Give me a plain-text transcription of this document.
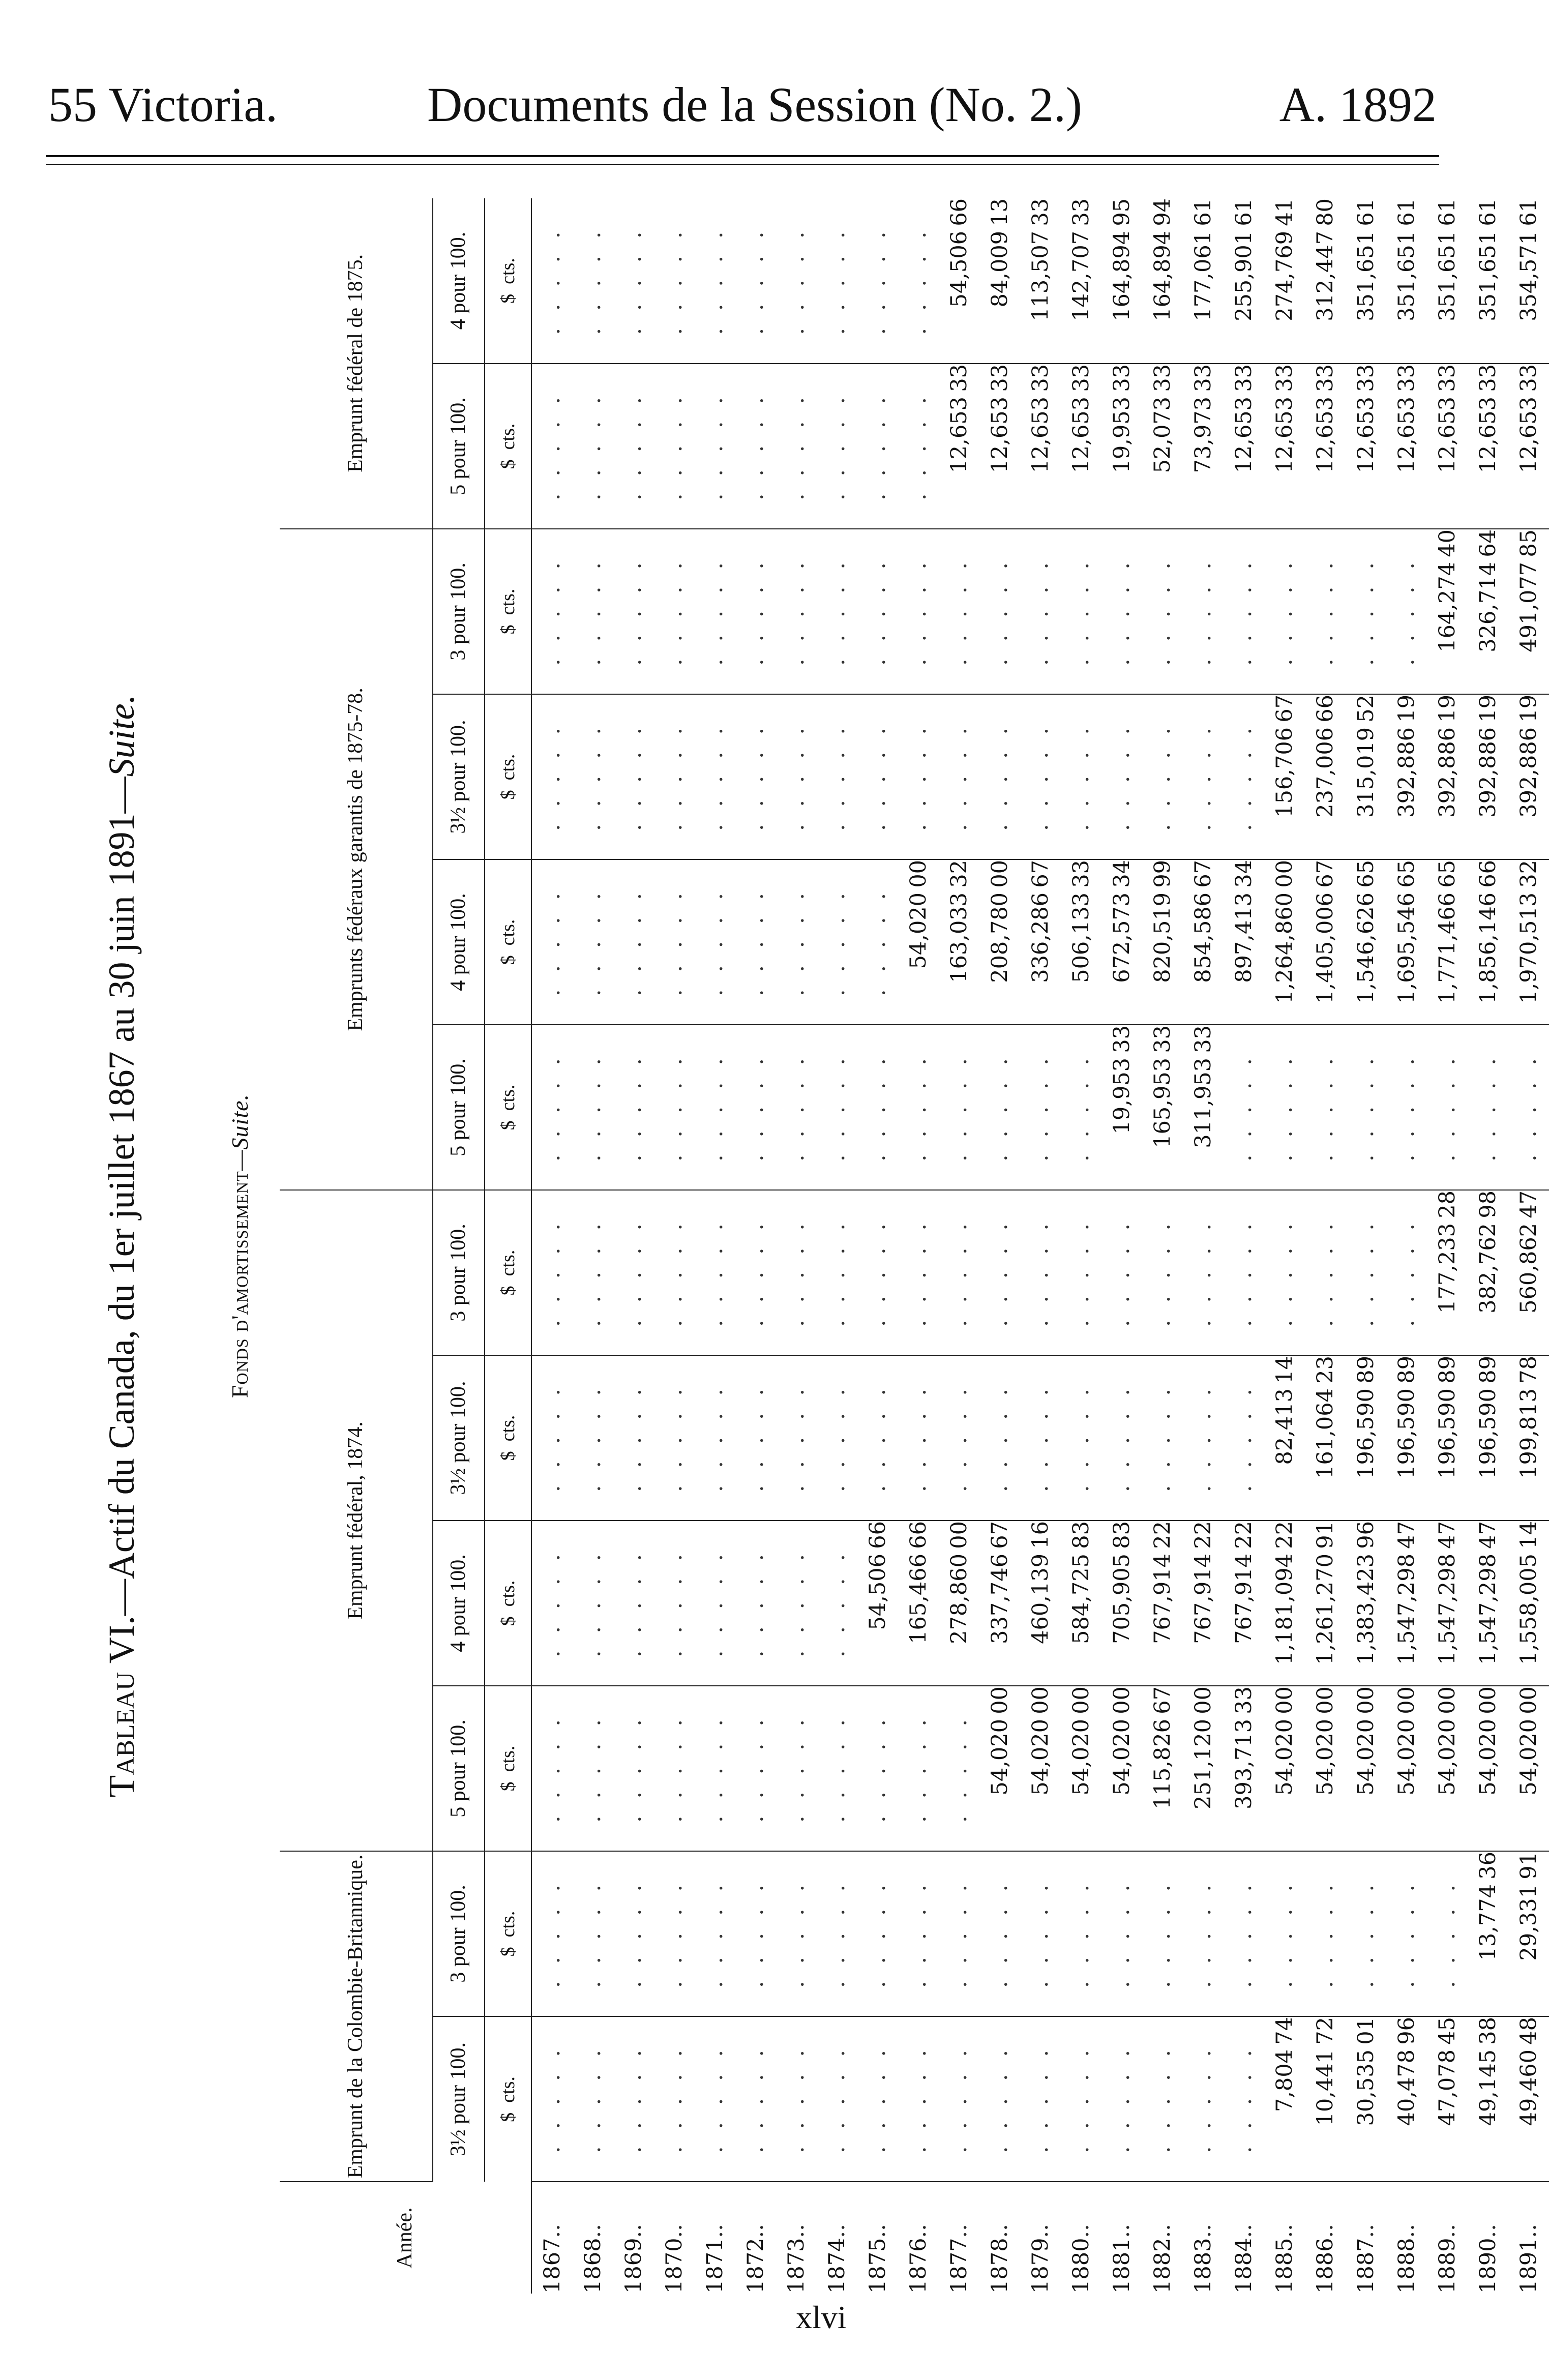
55 Victoria.	Documents de la Session (No. 2.)	A. 1892
Tableau VI.—Actif du Canada, du 1er juillet 1867 au 30 juin 1891—Suite.
Fonds d'amortissement—Suite.
Année.	Emprunt de la Colombie-Britannique.		Emprunt fédéral, 1874.				Emprunts fédéraux garantis de 1875-78.				Emprunt fédéral de 1875.	
	3½ pour 100.	3 pour 100.	5 pour 100.	4 pour 100.	3½ pour 100.	3 pour 100.	5 pour 100.	4 pour 100.	3½ pour 100.	3 pour 100.	5 pour 100.	4 pour 100.
	$  cts.	$  cts.	$  cts.	$  cts.	$  cts.	$  cts.	$  cts.	$  cts.	$  cts.	$  cts.	$  cts.	$  cts.
1867..	. . . . .	. . . . .	. . . . .	. . . . .	. . . . .	. . . . .	. . . . .	. . . . .	. . . . .	. . . . .	. . . . .	. . . . .
1868..	. . . . .	. . . . .	. . . . .	. . . . .	. . . . .	. . . . .	. . . . .	. . . . .	. . . . .	. . . . .	. . . . .	. . . . .
1869..	. . . . .	. . . . .	. . . . .	. . . . .	. . . . .	. . . . .	. . . . .	. . . . .	. . . . .	. . . . .	. . . . .	. . . . .
1870..	. . . . .	. . . . .	. . . . .	. . . . .	. . . . .	. . . . .	. . . . .	. . . . .	. . . . .	. . . . .	. . . . .	. . . . .
1871..	. . . . .	. . . . .	. . . . .	. . . . .	. . . . .	. . . . .	. . . . .	. . . . .	. . . . .	. . . . .	. . . . .	. . . . .
1872..	. . . . .	. . . . .	. . . . .	. . . . .	. . . . .	. . . . .	. . . . .	. . . . .	. . . . .	. . . . .	. . . . .	. . . . .
1873..	. . . . .	. . . . .	. . . . .	. . . . .	. . . . .	. . . . .	. . . . .	. . . . .	. . . . .	. . . . .	. . . . .	. . . . .
1874..	. . . . .	. . . . .	. . . . .	. . . . .	. . . . .	. . . . .	. . . . .	. . . . .	. . . . .	. . . . .	. . . . .	. . . . .
1875..	. . . . .	. . . . .	. . . . .	54,50666	. . . . .	. . . . .	. . . . .	. . . . .	. . . . .	. . . . .	. . . . .	. . . . .
1876..	. . . . .	. . . . .	. . . . .	165,46666	. . . . .	. . . . .	. . . . .	54,02000	. . . . .	. . . . .	. . . . .	. . . . .
1877..	. . . . .	. . . . .	. . . . .	278,86000	. . . . .	. . . . .	. . . . .	163,03332	. . . . .	. . . . .	12,65333	54,50666
1878..	. . . . .	. . . . .	54,02000	337,74667	. . . . .	. . . . .	. . . . .	208,78000	. . . . .	. . . . .	12,65333	84,00913
1879..	. . . . .	. . . . .	54,02000	460,13916	. . . . .	. . . . .	. . . . .	336,28667	. . . . .	. . . . .	12,65333	113,50733
1880..	. . . . .	. . . . .	54,02000	584,72583	. . . . .	. . . . .	. . . . .	506,13333	. . . . .	. . . . .	12,65333	142,70733
1881..	. . . . .	. . . . .	54,02000	705,90583	. . . . .	. . . . .	19,95333	672,57334	. . . . .	. . . . .	19,95333	164,89495
1882..	. . . . .	. . . . .	115,82667	767,91422	. . . . .	. . . . .	165,95333	820,51999	. . . . .	. . . . .	52,07333	164,89494
1883..	. . . . .	. . . . .	251,12000	767,91422	. . . . .	. . . . .	311,95333	854,58667	. . . . .	. . . . .	73,97333	177,06161
1884..	. . . . .	. . . . .	393,71333	767,91422	. . . . .	. . . . .	. . . . .	897,41334	. . . . .	. . . . .	12,65333	255,90161
1885..	7,80474	. . . . .	54,02000	1,181,09422	82,41314	. . . . .	. . . . .	1,264,86000	156,70667	. . . . .	12,65333	274,76941
1886..	10,44172	. . . . .	54,02000	1,261,27091	161,06423	. . . . .	. . . . .	1,405,00667	237,00666	. . . . .	12,65333	312,44780
1887..	30,53501	. . . . .	54,02000	1,383,42396	196,59089	. . . . .	. . . . .	1,546,62665	315,01952	. . . . .	12,65333	351,65161
1888..	40,47896	. . . . .	54,02000	1,547,29847	196,59089	. . . . .	. . . . .	1,695,54665	392,88619	. . . . .	12,65333	351,65161
1889..	47,07845	. . . . .	54,02000	1,547,29847	196,59089	177,23328	. . . . .	1,771,46665	392,88619	164,27440	12,65333	351,65161
1890..	49,14538	13,77436	54,02000	1,547,29847	196,59089	382,76298	. . . . .	1,856,14666	392,88619	326,71464	12,65333	351,65161
1891..	49,46048	29,33191	54,02000	1,558,00514	199,81378	560,86247	. . . . .	1,970,51332	392,88619	491,07785	12,65333	354,57161
xlvi
